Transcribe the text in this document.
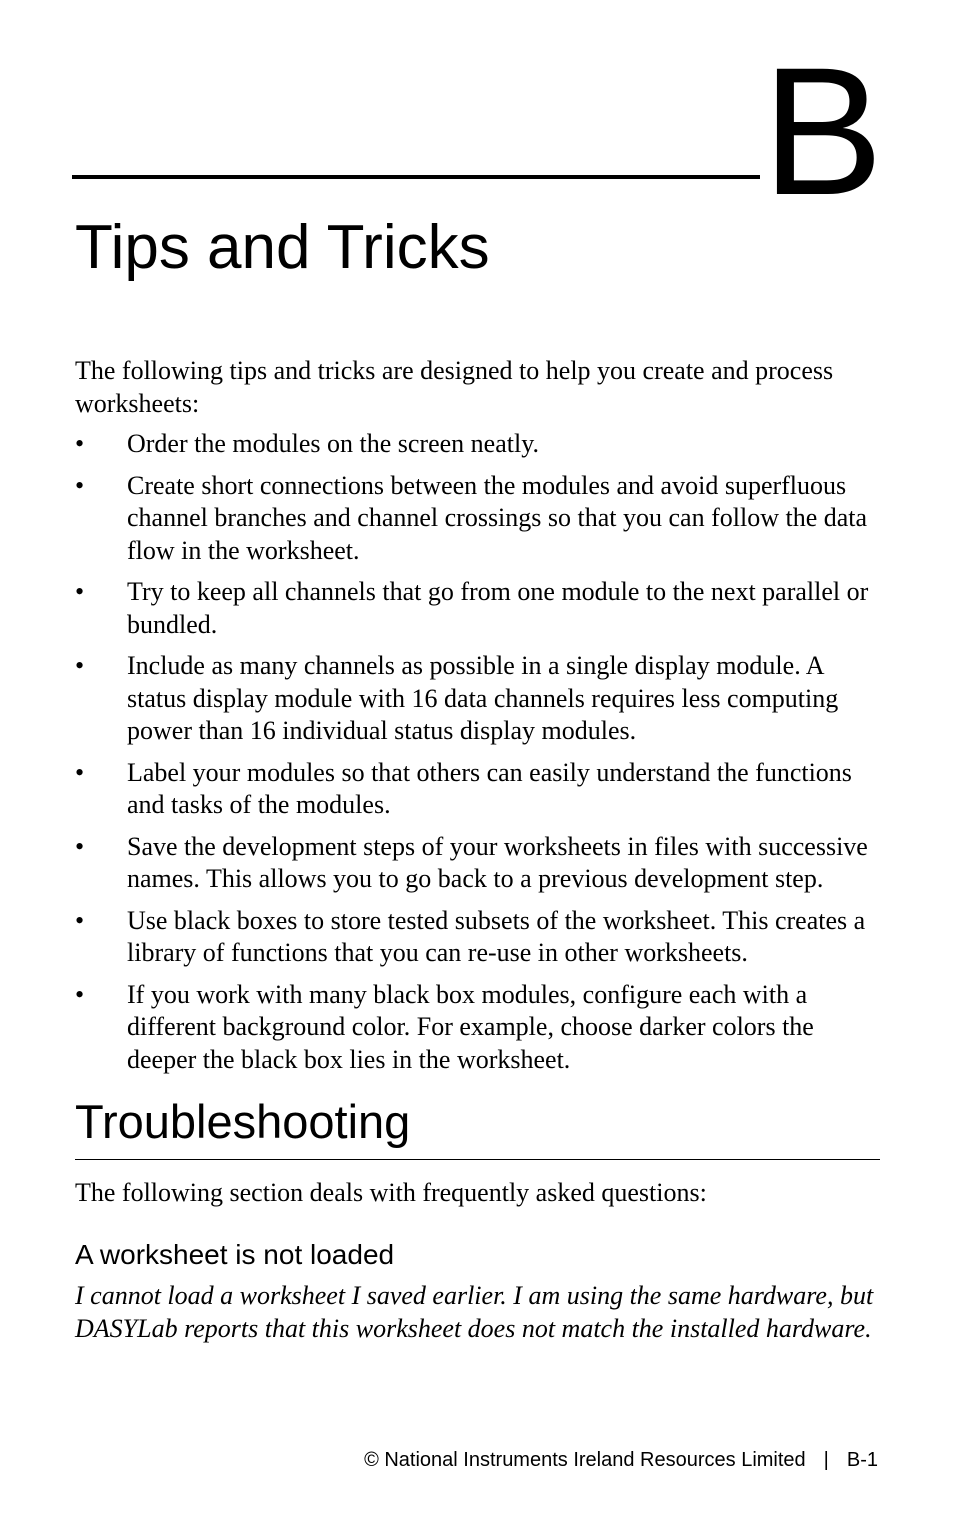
B
Tips and Tricks

The following tips and tricks are designed to help you create and process worksheets:

• Order the modules on the screen neatly.
• Create short connections between the modules and avoid superfluous channel branches and channel crossings so that you can follow the data flow in the worksheet.
• Try to keep all channels that go from one module to the next parallel or bundled.
• Include as many channels as possible in a single display module. A status display module with 16 data channels requires less computing power than 16 individual status display modules.
• Label your modules so that others can easily understand the functions and tasks of the modules.
• Save the development steps of your worksheets in files with successive names. This allows you to go back to a previous development step.
• Use black boxes to store tested subsets of the worksheet. This creates a library of functions that you can re-use in other worksheets.
• If you work with many black box modules, configure each with a different background color. For example, choose darker colors the deeper the black box lies in the worksheet.
Troubleshooting

The following section deals with frequently asked questions:

A worksheet is not loaded

I cannot load a worksheet I saved earlier. I am using the same hardware, but DASYLab reports that this worksheet does not match the installed hardware.

© National Instruments Ireland Resources Limited | B-1
